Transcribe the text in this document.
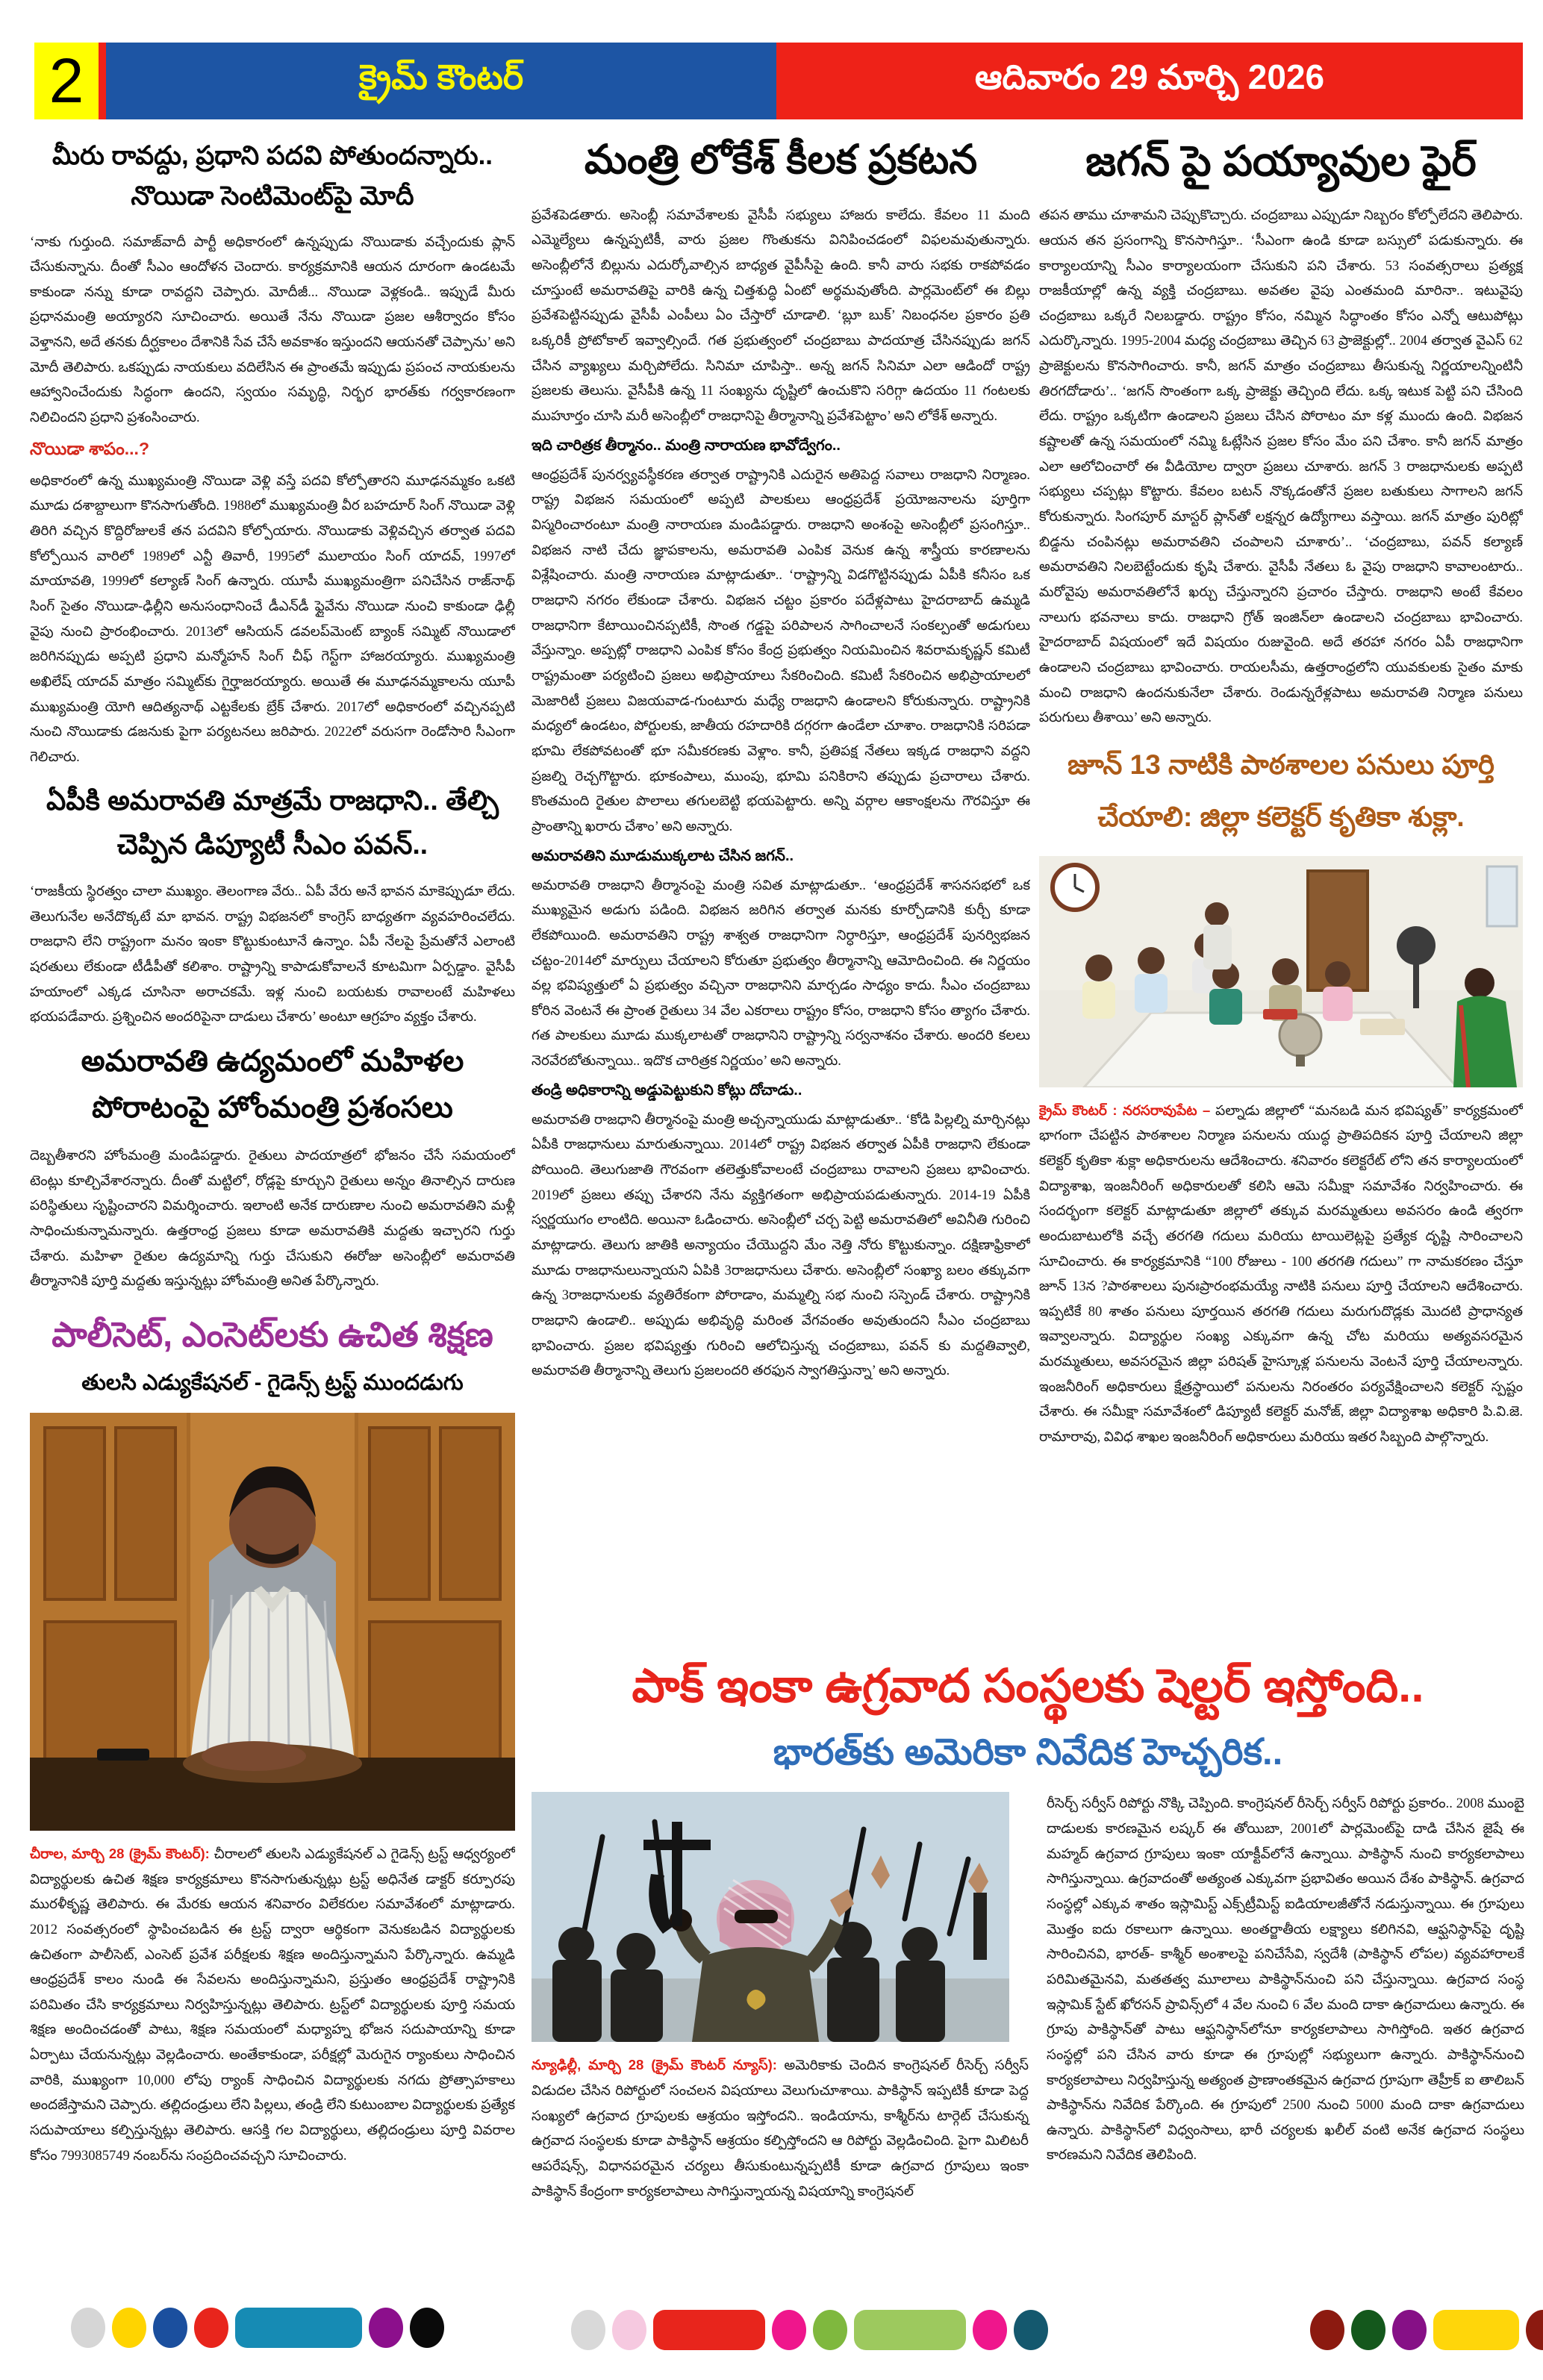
2	క్రైమ్ కౌంటర్	ఆదివారం 29 మార్చి 2026
మీరు రావద్దు, ప్రధాని పదవి పోతుందన్నారు.. నొయిడా సెంటిమెంట్‌పై మోదీ

‘నాకు గుర్తుంది. సమాజ్‌వాదీ పార్టీ అధికారంలో ఉన్నప్పుడు నొయిడాకు వచ్చేందుకు ప్లాన్ చేసుకున్నాను. దీంతో సీఎం ఆందోళన చెందారు. కార్యక్రమానికి ఆయన దూరంగా ఉండటమే కాకుండా నన్ను కూడా రావద్దని చెప్పారు. మోదీజీ... నొయిడా వెళ్లకండి.. ఇప్పుడే మీరు ప్రధానమంత్రి అయ్యారని సూచించారు. అయితే నేను నొయిడా ప్రజల ఆశీర్వాదం కోసం వెళ్తానని, అదే తనకు దీర్ఘకాలం దేశానికి సేవ చేసే అవకాశం ఇస్తుందని ఆయనతో చెప్పాను’ అని మోదీ తెలిపారు. ఒకప్పుడు నాయకులు వదిలేసిన ఈ ప్రాంతమే ఇప్పుడు ప్రపంచ నాయకులను ఆహ్వానించేందుకు సిద్ధంగా ఉందని, స్వయం సమృద్ధి, నిర్భర భారత్‌కు గర్వకారణంగా నిలిచిందని ప్రధాని ప్రశంసించారు.

నొయిడా శాపం...?

అధికారంలో ఉన్న ముఖ్యమంత్రి నొయిడా వెళ్లి వస్తే పదవి కోల్పోతారని మూఢనమ్మకం ఒకటి మూడు దశాబ్దాలుగా కొనసాగుతోంది. 1988లో ముఖ్యమంత్రి వీర బహదూర్ సింగ్ నొయిడా వెళ్లి తిరిగి వచ్చిన కొద్దిరోజులకే తన పదవిని కోల్పోయారు. నొయిడాకు వెళ్లివచ్చిన తర్వాత పదవి కోల్పోయిన వారిలో 1989లో ఎన్టీ తివారీ, 1995లో ములాయం సింగ్ యాదవ్, 1997లో మాయావతి, 1999లో కల్యాణ్ సింగ్ ఉన్నారు. యూపీ ముఖ్యమంత్రిగా పనిచేసిన రాజ్‌నాథ్ సింగ్ సైతం నొయిడా-ఢిల్లీని అనుసంధానించే డీఎన్‌డీ ఫ్లైవేను నొయిడా నుంచి కాకుండా ఢిల్లీ వైపు నుంచి ప్రారంభించారు. 2013లో ఆసియన్ డవలప్‌మెంట్ బ్యాంక్ సమ్మిట్ నొయిడాలో జరిగినప్పుడు అప్పటి ప్రధాని మన్మోహన్ సింగ్ చీఫ్ గెస్ట్‌గా హాజరయ్యారు. ముఖ్యమంత్రి అఖిలేష్ యాదవ్ మాత్రం సమ్మిట్‌కు గైర్హాజరయ్యారు. అయితే ఈ మూఢనమ్మకాలను యూపీ ముఖ్యమంత్రి యోగి ఆదిత్యనాథ్ ఎట్టకేలకు బ్రేక్ చేశారు. 2017లో అధికారంలో వచ్చినప్పటి నుంచి నొయిడాకు డజనుకు పైగా పర్యటనలు జరిపారు. 2022లో వరుసగా రెండోసారి సీఎంగా గెలిచారు.

ఏపీకి అమరావతి మాత్రమే రాజధాని.. తేల్చి చెప్పిన డిప్యూటీ సీఎం పవన్..

‘రాజకీయ స్థిరత్వం చాలా ముఖ్యం. తెలంగాణ వేరు.. ఏపీ వేరు అనే భావన మాకెప్పుడూ లేదు. తెలుగునేల అనేదొక్కటే మా భావన. రాష్ట్ర విభజనలో కాంగ్రెస్ బాధ్యతగా వ్యవహరించలేదు. రాజధాని లేని రాష్ట్రంగా మనం ఇంకా కొట్టుకుంటూనే ఉన్నాం. ఏపీ నేలపై ప్రేమతోనే ఎలాంటి షరతులు లేకుండా టీడీపీతో కలిశాం. రాష్ట్రాన్ని కాపాడుకోవాలనే కూటమిగా ఏర్పడ్డాం. వైసీపీ హయాంలో ఎక్కడ చూసినా అరాచకమే. ఇళ్ల నుంచి బయటకు రావాలంటే మహిళలు భయపడేవారు. ప్రశ్నించిన అందరిపైనా దాడులు చేశారు’ అంటూ ఆగ్రహం వ్యక్తం చేశారు.

అమరావతి ఉద్యమంలో మహిళల పోరాటంపై హోంమంత్రి ప్రశంసలు

దెబ్బతీశారని హోంమంత్రి మండిపడ్డారు. రైతులు పాదయాత్రలో భోజనం చేసే సమయంలో టెంట్లు కూల్చివేశారన్నారు. దీంతో మట్టిలో, రోడ్లపై కూర్చుని రైతులు అన్నం తినాల్సిన దారుణ పరిస్థితులు సృష్టించారని విమర్శించారు. ఇలాంటి అనేక దారుణాల నుంచి అమరావతిని మళ్లీ సాధించుకున్నామన్నారు. ఉత్తరాంధ్ర ప్రజలు కూడా అమరావతికి మద్దతు ఇచ్చారని గుర్తు చేశారు. మహిళా రైతుల ఉద్యమాన్ని గుర్తు చేసుకుని ఈరోజు అసెంబ్లీలో అమరావతి తీర్మానానికి పూర్తి మద్దతు ఇస్తున్నట్లు హోంమంత్రి అనిత పేర్కొన్నారు.

పాలీసెట్, ఎంసెట్‌లకు ఉచిత శిక్షణ
తులసి ఎడ్యుకేషనల్ - గైడెన్స్ ట్రస్ట్ ముందడుగు

చీరాల, మార్చి 28 (క్రైమ్ కౌంటర్): చీరాలలో తులసి ఎడ్యుకేషనల్ ఎ గైడెన్స్ ట్రస్ట్ ఆధ్వర్యంలో విద్యార్థులకు ఉచిత శిక్షణ కార్యక్రమాలు కొనసాగుతున్నట్లు ట్రస్ట్ అధినేత డాక్టర్ కర్పూరపు మురళీకృష్ణ తెలిపారు. ఈ మేరకు ఆయన శనివారం విలేకరుల సమావేశంలో మాట్లాడారు. 2012 సంవత్సరంలో స్థాపించబడిన ఈ ట్రస్ట్ ద్వారా ఆర్థికంగా వెనుకబడిన విద్యార్థులకు ఉచితంగా పాలీసెట్, ఎంసెట్ ప్రవేశ పరీక్షలకు శిక్షణ అందిస్తున్నామని పేర్కొన్నారు. ఉమ్మడి ఆంధ్రప్రదేశ్ కాలం నుండి ఈ సేవలను అందిస్తున్నామని, ప్రస్తుతం ఆంధ్రప్రదేశ్ రాష్ట్రానికి పరిమితం చేసి కార్యక్రమాలు నిర్వహిస్తున్నట్లు తెలిపారు. ట్రస్ట్‌లో విద్యార్థులకు పూర్తి సమయ శిక్షణ అందించడంతో పాటు, శిక్షణ సమయంలో మధ్యాహ్న భోజన సదుపాయాన్ని కూడా ఏర్పాటు చేయనున్నట్లు వెల్లడించారు. అంతేకాకుండా, పరీక్షల్లో మెరుగైన ర్యాంకులు సాధించిన వారికి, ముఖ్యంగా 10,000 లోపు ర్యాంక్ సాధించిన విద్యార్థులకు నగదు ప్రోత్సాహకాలు అందజేస్తామని చెప్పారు. తల్లిదండ్రులు లేని పిల్లలు, తండ్రి లేని కుటుంబాల విద్యార్థులకు ప్రత్యేక సదుపాయాలు కల్పిస్తున్నట్లు తెలిపారు. ఆసక్తి గల విద్యార్థులు, తల్లిదండ్రులు పూర్తి వివరాల కోసం 7993085749 నంబర్‌ను సంప్రదించవచ్చని సూచించారు.

మంత్రి లోకేశ్ కీలక ప్రకటన

ప్రవేశపెడతారు. అసెంబ్లీ సమావేశాలకు వైసీపీ సభ్యులు హాజరు కాలేదు. కేవలం 11 మంది ఎమ్మెల్యేలు ఉన్నప్పటికీ, వారు ప్రజల గొంతుకను వినిపించడంలో విఫలమవుతున్నారు. అసెంబ్లీలోనే బిల్లును ఎదుర్కోవాల్సిన బాధ్యత వైపీసీపై ఉంది. కానీ వారు సభకు రాకపోవడం చూస్తుంటే అమరావతిపై వారికి ఉన్న చిత్తశుద్ధి ఏంటో అర్థమవుతోంది. పార్లమెంట్‌లో ఈ బిల్లు ప్రవేశపెట్టినప్పుడు వైసీపీ ఎంపీలు ఏం చేస్తారో చూడాలి. ‘బ్లూ బుక్’ నిబంధనల ప్రకారం ప్రతి ఒక్కరికీ ప్రోటోకాల్ ఇవ్వాల్సిందే. గత ప్రభుత్వంలో చంద్రబాబు పాదయాత్ర చేసినప్పుడు జగన్ చేసిన వ్యాఖ్యలు మర్చిపోలేదు. సినిమా చూపిస్తా.. అన్న జగన్ సినిమా ఎలా ఆడిందో రాష్ట్ర ప్రజలకు తెలుసు. వైసీపీకి ఉన్న 11 సంఖ్యను దృష్టిలో ఉంచుకొని సరిగ్గా ఉదయం 11 గంటలకు ముహూర్తం చూసి మరీ అసెంబ్లీలో రాజధానిపై తీర్మానాన్ని ప్రవేశపెట్టాం’ అని లోకేశ్ అన్నారు.

ఇది చారిత్రక తీర్మానం.. మంత్రి నారాయణ భావోద్వేగం..

ఆంధ్రప్రదేశ్ పునర్వ్యవస్థీకరణ తర్వాత రాష్ట్రానికి ఎదురైన అతిపెద్ద సవాలు రాజధాని నిర్మాణం. రాష్ట్ర విభజన సమయంలో అప్పటి పాలకులు ఆంధ్రప్రదేశ్ ప్రయోజనాలను పూర్తిగా విస్మరించారంటూ మంత్రి నారాయణ మండిపడ్డారు. రాజధాని అంశంపై అసెంబ్లీలో ప్రసంగిస్తూ.. విభజన నాటి చేదు జ్ఞాపకాలను, అమరావతి ఎంపిక వెనుక ఉన్న శాస్త్రీయ కారణాలను విశ్లేషించారు. మంత్రి నారాయణ మాట్లాడుతూ.. ‘రాష్ట్రాన్ని విడగొట్టినప్పుడు ఏపీకి కనీసం ఒక రాజధాని నగరం లేకుండా చేశారు. విభజన చట్టం ప్రకారం పదేళ్లపాటు హైదరాబాద్ ఉమ్మడి రాజధానిగా కేటాయించినప్పటికీ, సొంత గడ్డపై పరిపాలన సాగించాలనే సంకల్పంతో అడుగులు వేస్తున్నాం. అప్పట్లో రాజధాని ఎంపిక కోసం కేంద్ర ప్రభుత్వం నియమించిన శివరామకృష్ణన్ కమిటీ రాష్ట్రమంతా పర్యటించి ప్రజలు అభిప్రాయాలు సేకరించింది. కమిటీ సేకరించిన అభిప్రాయాలలో మెజారిటీ ప్రజలు విజయవాడ-గుంటూరు మధ్యే రాజధాని ఉండాలని కోరుకున్నారు. రాష్ట్రానికి మధ్యలో ఉండటం, పోర్టులకు, జాతీయ రహదారికి దగ్గరగా ఉండేలా చూశాం. రాజధానికి సరిపడా భూమి లేకపోవటంతో భూ సమీకరణకు వెళ్లాం. కానీ, ప్రతిపక్ష నేతలు ఇక్కడ రాజధాని వద్దని ప్రజల్ని రెచ్చగొట్టారు. భూకంపాలు, ముంపు, భూమి పనికిరాని తప్పుడు ప్రచారాలు చేశారు. కొంతమంది రైతుల పొలాలు తగులబెట్టి భయపెట్టారు. అన్ని వర్గాల ఆకాంక్షలను గౌరవిస్తూ ఈ ప్రాంతాన్ని ఖరారు చేశాం’ అని అన్నారు.

అమరావతిని మూడుముక్కలాట చేసిన జగన్..

అమరావతి రాజధాని తీర్మానంపై మంత్రి సవిత మాట్లాడుతూ.. ‘ఆంధ్రప్రదేశ్ శాసనసభలో ఒక ముఖ్యమైన అడుగు పడింది. విభజన జరిగిన తర్వాత మనకు కూర్చోడానికి కుర్చీ కూడా లేకపోయింది. అమరావతిని రాష్ట్ర శాశ్వత రాజధానిగా నిర్ధారిస్తూ, ఆంధ్రప్రదేశ్ పునర్విభజన చట్టం-2014లో మార్పులు చేయాలని కోరుతూ ప్రభుత్వం తీర్మానాన్ని ఆమోదించింది. ఈ నిర్ణయం వల్ల భవిష్యత్తులో ఏ ప్రభుత్వం వచ్చినా రాజధానిని మార్చడం సాధ్యం కాదు. సీఎం చంద్రబాబు కోరిన వెంటనే ఈ ప్రాంత రైతులు 34 వేల ఎకరాలు రాష్ట్రం కోసం, రాజధాని కోసం త్యాగం చేశారు. గత పాలకులు మూడు ముక్కలాటతో రాజధానిని రాష్ట్రాన్ని సర్వనాశనం చేశారు. అందరి కలలు నెరవేరబోతున్నాయి.. ఇదొక చారిత్రక నిర్ణయం’ అని అన్నారు.

తండ్రి అధికారాన్ని అడ్డుపెట్టుకుని కోట్లు దోచాడు..

అమరావతి రాజధాని తీర్మానంపై మంత్రి అచ్చన్నాయుడు మాట్లాడుతూ.. ‘కోడి పిల్లల్ని మార్చినట్లు ఏపీకి రాజధానులు మారుతున్నాయి. 2014లో రాష్ట్ర విభజన తర్వాత ఏపీకి రాజధాని లేకుండా పోయింది. తెలుగుజాతి గౌరవంగా తలెత్తుకోవాలంటే చంద్రబాబు రావాలని ప్రజలు భావించారు. 2019లో ప్రజలు తప్పు చేశారని నేను వ్యక్తిగతంగా అభిప్రాయపడుతున్నారు. 2014-19 ఏపీకి స్వర్ణయుగం లాంటిది. అయినా ఓడించారు. అసెంబ్లీలో చర్చ పెట్టి అమరావతిలో అవినీతి గురించి మాట్లాడారు. తెలుగు జాతికి అన్యాయం చేయొద్దని మేం నెత్తి నోరు కొట్టుకున్నాం. దక్షిణాఫ్రికాలో మూడు రాజధానులున్నాయని ఏపికి 3రాజధానులు చేశారు. అసెంబ్లీలో సంఖ్యా బలం తక్కువగా ఉన్న 3రాజధానులకు వ్యతిరేకంగా పోరాడాం, మమ్మల్ని సభ నుంచి సస్పెండ్ చేశారు. రాష్ట్రానికి రాజధాని ఉండాలి.. అప్పుడు అభివృద్ధి మరింత వేగవంతం అవుతుందని సీఎం చంద్రబాబు భావించారు. ప్రజల భవిష్యత్తు గురించి ఆలోచిస్తున్న చంద్రబాబు, పవన్ కు మద్దతివ్వాలి, అమరావతి తీర్మానాన్ని తెలుగు ప్రజలందరి తరఫున స్వాగతిస్తున్నా’ అని అన్నారు.

జగన్ పై పయ్యావుల ఫైర్

తపన తాము చూశామని చెప్పుకొచ్చారు. చంద్రబాబు ఎప్పుడూ నిబ్బరం కోల్పోలేదని తెలిపారు. ఆయన తన ప్రసంగాన్ని కొనసాగిస్తూ.. ‘సీఎంగా ఉండి కూడా బస్సులో పడుకున్నారు. ఈ కార్యాలయాన్ని సీఎం కార్యాలయంగా చేసుకుని పని చేశారు. 53 సంవత్సరాలు ప్రత్యక్ష రాజకీయాల్లో ఉన్న వ్యక్తి చంద్రబాబు. అవతల వైపు ఎంతమంది మారినా.. ఇటువైపు చంద్రబాబు ఒక్కరే నిలబడ్డారు. రాష్ట్రం కోసం, నమ్మిన సిద్ధాంతం కోసం ఎన్నో ఆటుపోట్లు ఎదుర్కొన్నారు. 1995-2004 మధ్య చంద్రబాబు తెచ్చిన 63 ప్రాజెక్టుల్లో.. 2004 తర్వాత వైఎస్ 62 ప్రాజెక్టులను కొనసాగించారు. కానీ, జగన్ మాత్రం చంద్రబాబు తీసుకున్న నిర్ణయాలన్నింటినీ తిరగదోడారు’.. ‘జగన్ సొంతంగా ఒక్క ప్రాజెక్టు తెచ్చింది లేదు. ఒక్క ఇటుక పెట్టి పని చేసింది లేదు. రాష్ట్రం ఒక్కటిగా ఉండాలని ప్రజలు చేసిన పోరాటం మా కళ్ల ముందు ఉంది. విభజన కష్టాలతో ఉన్న సమయంలో నమ్మి ఓట్లేసిన ప్రజల కోసం మేం పని చేశాం. కానీ జగన్ మాత్రం ఎలా ఆలోచించారో ఈ వీడియోల ద్వారా ప్రజలు చూశారు. జగన్ 3 రాజధానులకు అప్పటి సభ్యులు చప్పట్లు కొట్టారు. కేవలం బటన్ నొక్కడంతోనే ప్రజల బతుకులు సాగాలని జగన్ కోరుకున్నారు. సింగపూర్ మాస్టర్ ప్లాన్‌తో లక్షన్నర ఉద్యోగాలు వస్తాయి. జగన్ మాత్రం పురిట్లో బిడ్డను చంపినట్లు అమరావతిని చంపాలని చూశారు’.. ‘చంద్రబాబు, పవన్ కల్యాణ్ అమరావతిని నిలబెట్టేందుకు కృషి చేశారు. వైసీపీ నేతలు ఓ వైపు రాజధాని కావాలంటారు.. మరోవైపు అమరావతిలోనే ఖర్చు చేస్తున్నారని ప్రచారం చేస్తారు. రాజధాని అంటే కేవలం నాలుగు భవనాలు కాదు. రాజధాని గ్రోత్ ఇంజిన్‌లా ఉండాలని చంద్రబాబు భావించారు. హైదరాబాద్ విషయంలో ఇదే విషయం రుజువైంది. అదే తరహా నగరం ఏపీ రాజధానిగా ఉండాలని చంద్రబాబు భావించారు. రాయలసీమ, ఉత్తరాంధ్రలోని యువకులకు సైతం మాకు మంచి రాజధాని ఉందనుకునేలా చేశారు. రెండున్నరేళ్లపాటు అమరావతి నిర్మాణ పనులు పరుగులు తీశాయి’ అని అన్నారు.

జూన్ 13 నాటికి పాఠశాలల పనులు పూర్తి చేయాలి: జిల్లా కలెక్టర్ కృతికా శుక్లా.

క్రైమ్ కౌంటర్ : నరసరావుపేట – పల్నాడు జిల్లాలో “మనబడి మన భవిష్యత్” కార్యక్రమంలో భాగంగా చేపట్టిన పాఠశాలల నిర్మాణ పనులను యుద్ధ ప్రాతిపదికన పూర్తి చేయాలని జిల్లా కలెక్టర్ కృతికా శుక్లా అధికారులను ఆదేశించారు. శనివారం కలెక్టరేట్ లోని తన కార్యాలయంలో విద్యాశాఖ, ఇంజనీరింగ్ అధికారులతో కలిసి ఆమె సమీక్షా సమావేశం నిర్వహించారు. ఈ సందర్భంగా కలెక్టర్ మాట్లాడుతూ జిల్లాలో తక్కువ మరమ్మతులు అవసరం ఉండి త్వరగా అందుబాటులోకి వచ్చే తరగతి గదులు మరియు టాయిలెట్లపై ప్రత్యేక దృష్టి సారించాలని సూచించారు. ఈ కార్యక్రమానికి “100 రోజులు - 100 తరగతి గదులు” గా నామకరణం చేస్తూ జూన్ 13న ?పాఠశాలలు పునఃప్రారంభమయ్యే నాటికి పనులు పూర్తి చేయాలని ఆదేశించారు. ఇప్పటికే 80 శాతం పనులు పూర్తయిన తరగతి గదులు మరుగుదొడ్లకు మొదటి ప్రాధాన్యత ఇవ్వాలన్నారు. విద్యార్థుల సంఖ్య ఎక్కువగా ఉన్న చోట మరియు అత్యవసరమైన మరమ్మతులు, అవసరమైన జిల్లా పరిషత్ హైస్కూళ్ల పనులను వెంటనే పూర్తి చేయాలన్నారు. ఇంజనీరింగ్ అధికారులు క్షేత్రస్థాయిలో పనులను నిరంతరం పర్యవేక్షించాలని కలెక్టర్ స్పష్టం చేశారు. ఈ సమీక్షా సమావేశంలో డిప్యూటీ కలెక్టర్ మనోజ్, జిల్లా విద్యాశాఖ అధికారి పి.వి.జె. రామారావు, వివిధ శాఖల ఇంజనీరింగ్ అధికారులు మరియు ఇతర సిబ్బంది పాల్గొన్నారు.

పాక్ ఇంకా ఉగ్రవాద సంస్థలకు షెల్టర్ ఇస్తోంది..
భారత్‌కు అమెరికా నివేదిక హెచ్చరిక..

న్యూఢిల్లీ, మార్చి 28 (క్రైమ్ కౌంటర్ న్యూస్): అమెరికాకు చెందిన కాంగ్రెషనల్ రీసెర్చ్ సర్వీస్ విడుదల చేసిన రిపోర్టులో సంచలన విషయాలు వెలుగుచూశాయి. పాకిస్థాన్ ఇప్పటికీ కూడా పెద్ద సంఖ్యలో ఉగ్రవాద గ్రూపులకు ఆశ్రయం ఇస్తోందని.. ఇండియాను, కాశ్మీర్‌ను టార్గెట్ చేసుకున్న ఉగ్రవాద సంస్థలకు కూడా పాకిస్థాన్ ఆశ్రయం కల్పిస్తోందని ఆ రిపోర్టు వెల్లడించింది. పైగా మిలిటరీ ఆపరేషన్స్, విధానపరమైన చర్యలు తీసుకుంటున్నప్పటికీ కూడా ఉగ్రవాద గ్రూపులు ఇంకా పాకిస్థాన్ కేంద్రంగా కార్యకలాపాలు సాగిస్తున్నాయన్న విషయాన్ని కాంగ్రెషనల్

రీసెర్చ్ సర్వీస్ రిపోర్టు నొక్కి చెప్పింది. కాంగ్రెషనల్ రీసెర్చ్ సర్వీస్ రిపోర్టు ప్రకారం.. 2008 ముంబై దాడులకు కారణమైన లష్కర్ ఈ తోయిబా, 2001లో పార్లమెంట్‌పై దాడి చేసిన జైషే ఈ మహ్మద్ ఉగ్రవాద గ్రూపులు ఇంకా యాక్టీవ్‌లోనే ఉన్నాయి. పాకిస్థాన్ నుంచి కార్యకలాపాలు సాగిస్తున్నాయి. ఉగ్రవాదంతో అత్యంత ఎక్కువగా ప్రభావితం అయిన దేశం పాకిస్థాన్. ఉగ్రవాద సంస్థల్లో ఎక్కువ శాతం ఇస్లామిస్ట్ ఎక్స్‌ట్రీమిస్ట్ ఐడియాలజీతోనే నడుస్తున్నాయి. ఈ గ్రూపులు మొత్తం ఐదు రకాలుగా ఉన్నాయి. అంతర్జాతీయ లక్ష్యాలు కలిగినవి, ఆఫ్ఘనిస్థాన్‌పై దృష్టి సారించినవి, భారత్- కాశ్మీర్ అంశాలపై పనిచేసేవి, స్వదేశీ (పాకిస్థాన్ లోపల) వ్యవహారాలకే పరిమితమైనవి, మతతత్వ మూలాలు పాకిస్థాన్‌నుంచి పని చేస్తున్నాయి. ఉగ్రవాద సంస్థ ఇస్లామిక్ స్టేట్ ఖోరసన్ ప్రావిన్స్‌లో 4 వేల నుంచి 6 వేల మంది దాకా ఉగ్రవాదులు ఉన్నారు. ఈ గ్రూపు పాకిస్థాన్‌తో పాటు ఆఫ్ఘనిస్థాన్‌లోనూ కార్యకలాపాలు సాగిస్తోంది. ఇతర ఉగ్రవాద సంస్థల్లో పని చేసిన వారు కూడా ఈ గ్రూపుల్లో సభ్యులుగా ఉన్నారు. పాకిస్థాన్‌నుంచి కార్యకలాపాలు నిర్వహిస్తున్న అత్యంత ప్రాణాంతకమైన ఉగ్రవాద గ్రూపుగా తెహ్రీక్ ఐ తాలిబన్ పాకిస్థాన్‌ను నివేదిక పేర్కొంది. ఈ గ్రూపులో 2500 నుంచి 5000 మంది దాకా ఉగ్రవాదులు ఉన్నారు. పాకిస్థాన్‌లో విధ్వంసాలు, భారీ చర్యలకు ఖలీల్ వంటి అనేక ఉగ్రవాద సంస్థలు కారణమని నివేదిక తెలిపింది.
